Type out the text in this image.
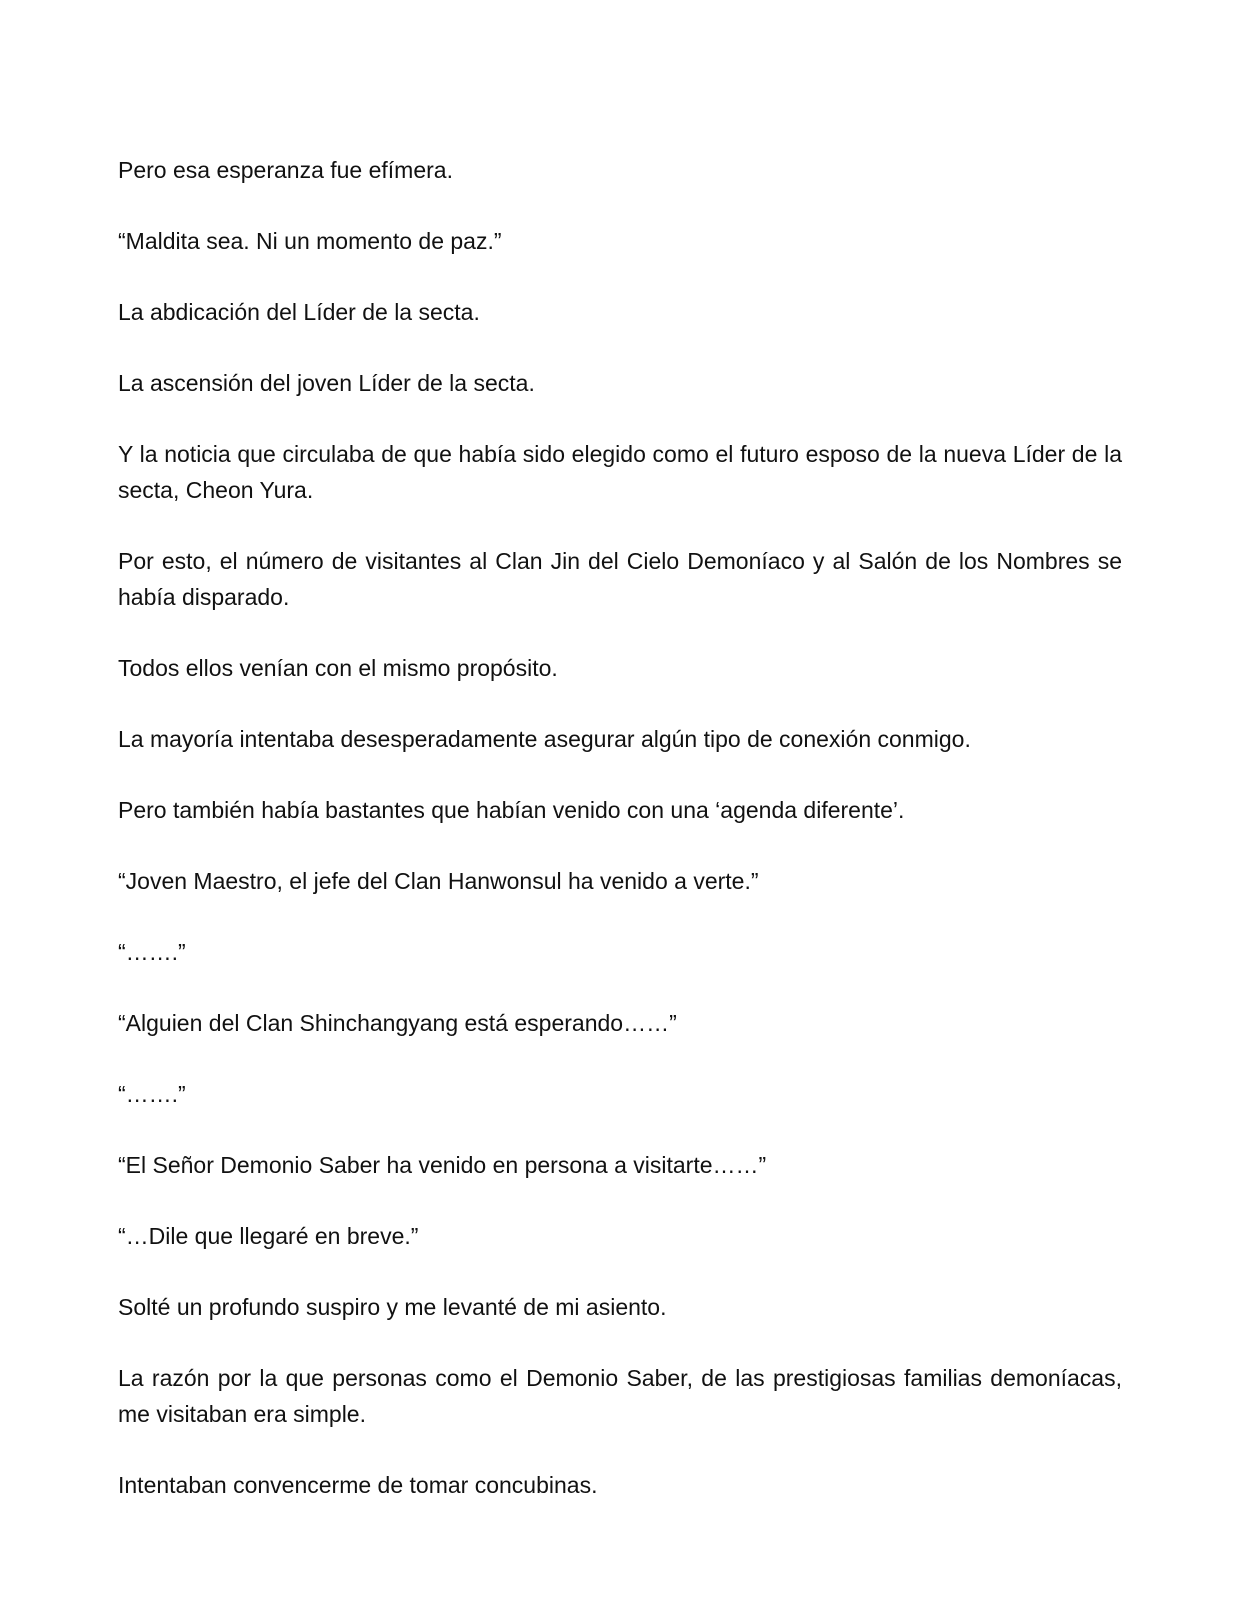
Pero esa esperanza fue efímera.

“Maldita sea. Ni un momento de paz.”

La abdicación del Líder de la secta.

La ascensión del joven Líder de la secta.

Y la noticia que circulaba de que había sido elegido como el futuro esposo de la nueva Líder de la secta, Cheon Yura.

Por esto, el número de visitantes al Clan Jin del Cielo Demoníaco y al Salón de los Nombres se había disparado.

Todos ellos venían con el mismo propósito.

La mayoría intentaba desesperadamente asegurar algún tipo de conexión conmigo.

Pero también había bastantes que habían venido con una ‘agenda diferente’.

“Joven Maestro, el jefe del Clan Hanwonsul ha venido a verte.”

“…….”

“Alguien del Clan Shinchangyang está esperando……”

“…….”

“El Señor Demonio Saber ha venido en persona a visitarte……”

“…Dile que llegaré en breve.”

Solté un profundo suspiro y me levanté de mi asiento.

La razón por la que personas como el Demonio Saber, de las prestigiosas familias demoníacas, me visitaban era simple.

Intentaban convencerme de tomar concubinas.
